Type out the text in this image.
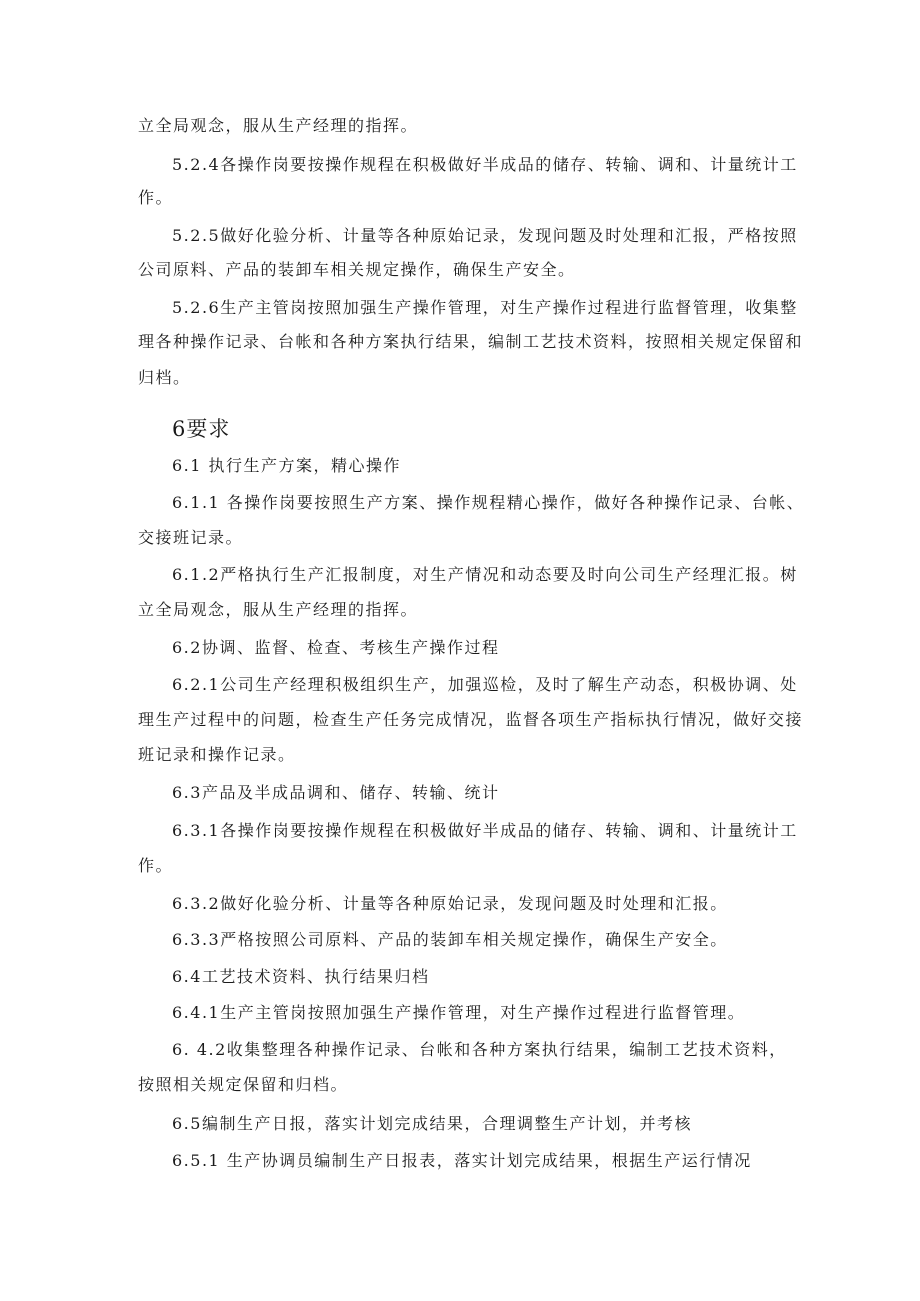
立全局观念，服从生产经理的指挥。
5.2.4各操作岗要按操作规程在积极做好半成品的储存、转输、调和、计量统计工
作。
5.2.5做好化验分析、计量等各种原始记录，发现问题及时处理和汇报，严格按照
公司原料、产品的装卸车相关规定操作，确保生产安全。
5.2.6生产主管岗按照加强生产操作管理，对生产操作过程进行监督管理，收集整
理各种操作记录、台帐和各种方案执行结果，编制工艺技术资料，按照相关规定保留和
归档。
6要求
6.1 执行生产方案，精心操作
6.1.1 各操作岗要按照生产方案、操作规程精心操作，做好各种操作记录、台帐、
交接班记录。
6.1.2严格执行生产汇报制度，对生产情况和动态要及时向公司生产经理汇报。树
立全局观念，服从生产经理的指挥。
6.2协调、监督、检查、考核生产操作过程
6.2.1公司生产经理积极组织生产，加强巡检，及时了解生产动态，积极协调、处
理生产过程中的问题，检查生产任务完成情况，监督各项生产指标执行情况，做好交接
班记录和操作记录。
6.3产品及半成品调和、储存、转输、统计
6.3.1各操作岗要按操作规程在积极做好半成品的储存、转输、调和、计量统计工
作。
6.3.2做好化验分析、计量等各种原始记录，发现问题及时处理和汇报。
6.3.3严格按照公司原料、产品的装卸车相关规定操作，确保生产安全。
6.4工艺技术资料、执行结果归档
6.4.1生产主管岗按照加强生产操作管理，对生产操作过程进行监督管理。
6. 4.2收集整理各种操作记录、台帐和各种方案执行结果，编制工艺技术资料，
按照相关规定保留和归档。
6.5编制生产日报，落实计划完成结果，合理调整生产计划，并考核
6.5.1 生产协调员编制生产日报表，落实计划完成结果，根据生产运行情况
